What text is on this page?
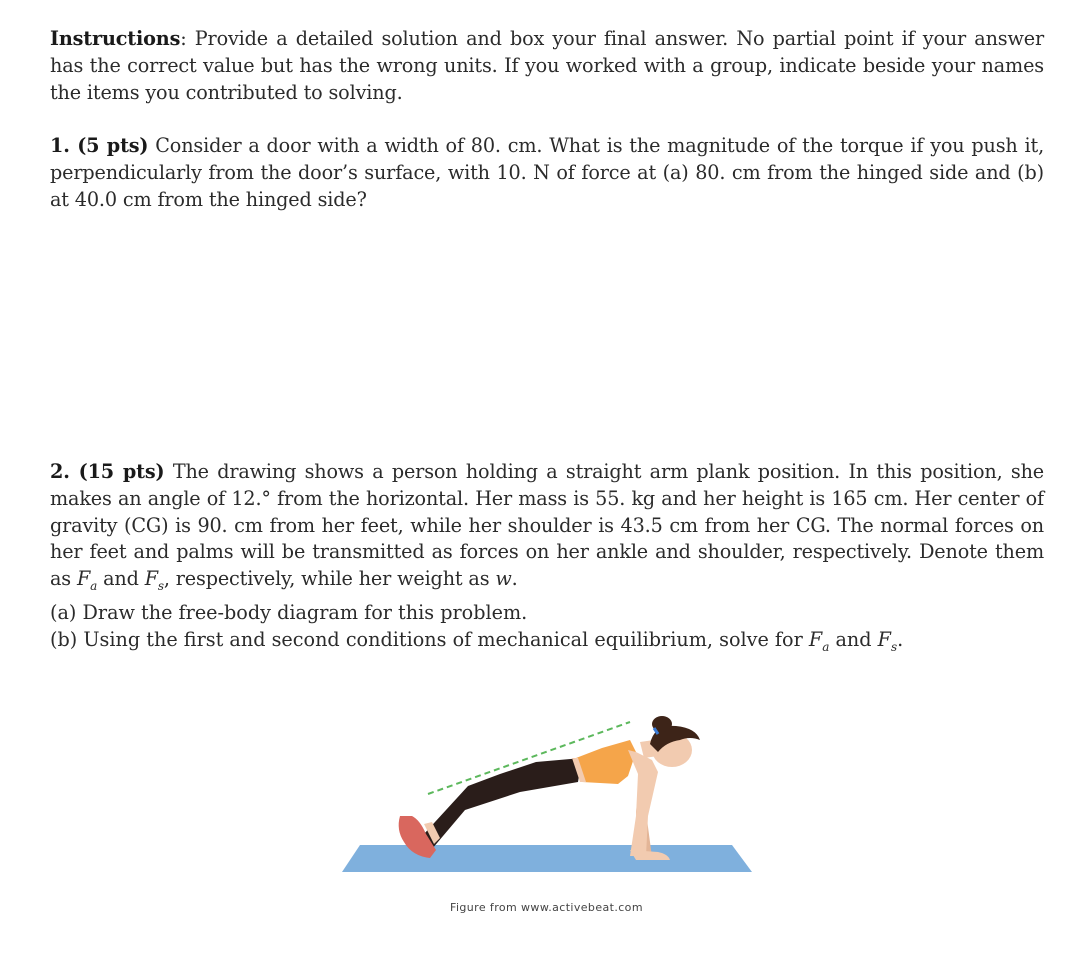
Instructions: Provide a detailed solution and box your final answer. No partial point if your answer has the correct value but has the wrong units. If you worked with a group, indicate beside your names the items you contributed to solving.

1. (5 pts) Consider a door with a width of 80. cm. What is the magnitude of the torque if you push it, perpendicularly from the door’s surface, with 10. N of force at (a) 80. cm from the hinged side and (b) at 40.0 cm from the hinged side?

2. (15 pts) The drawing shows a person holding a straight arm plank position. In this position, she makes an angle of 12.° from the horizontal. Her mass is 55. kg and her height is 165 cm. Her center of gravity (CG) is 90. cm from her feet, while her shoulder is 43.5 cm from her CG. The normal forces on her feet and palms will be transmitted as forces on her ankle and shoulder, respectively. Denote them as $F_a$ and $F_s$, respectively, while her weight as w.

(a) Draw the free-body diagram for this problem.

(b) Using the first and second conditions of mechanical equilibrium, solve for $F_a$ and $F_s$.

Figure from www.activebeat.com
